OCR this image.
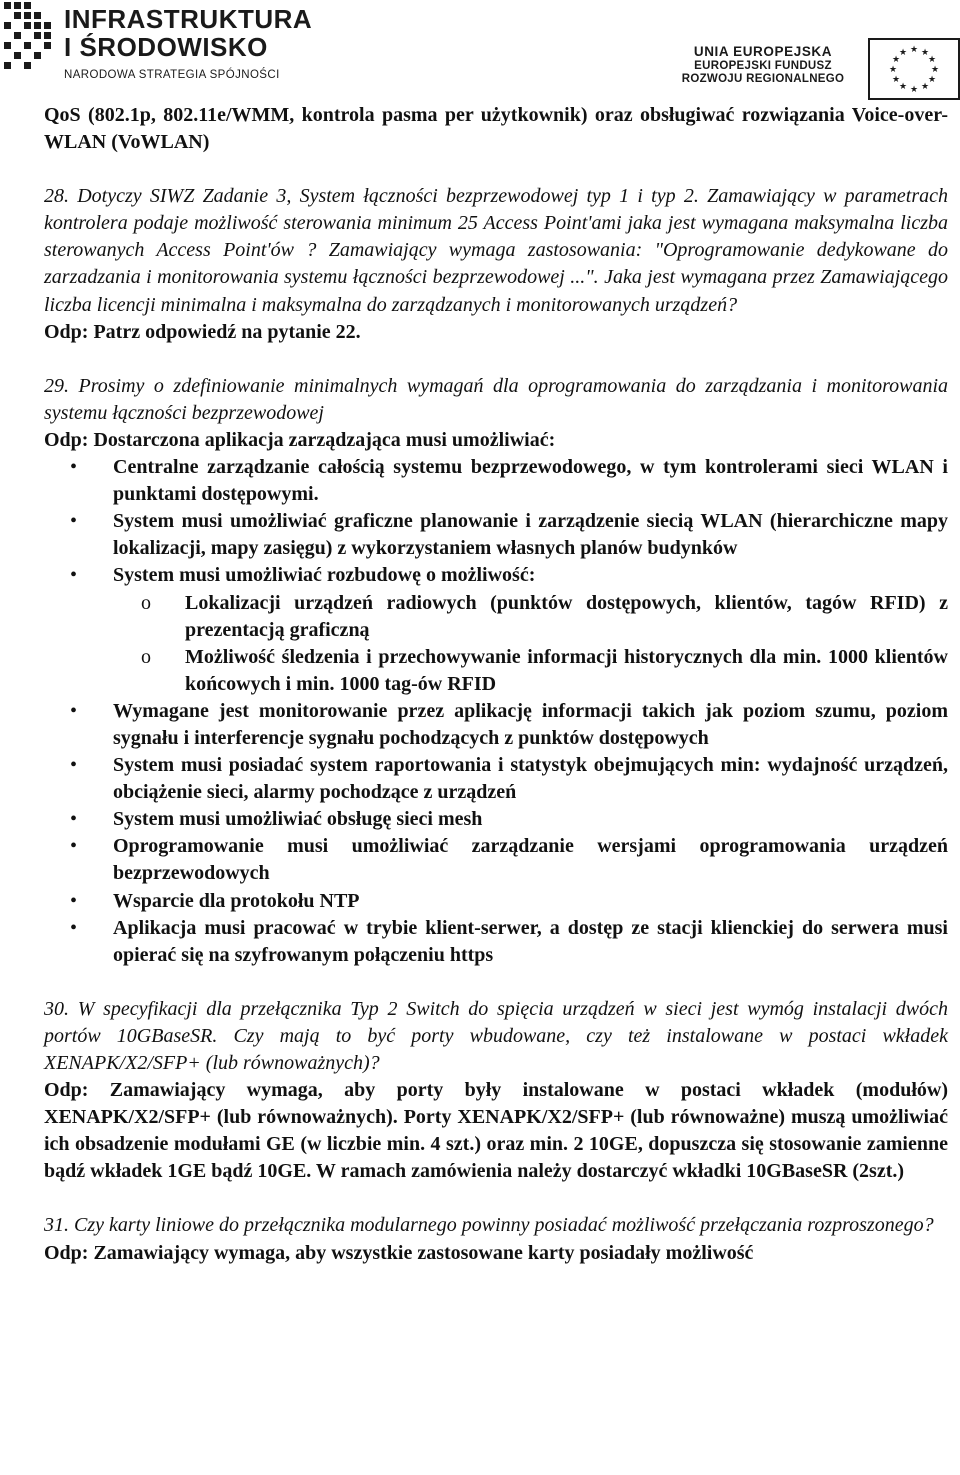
INFRASTRUKTURA
I ŚRODOWISKO
NARODOWA STRATEGIA SPÓJNOŚCI
UNIA EUROPEJSKA
EUROPEJSKI FUNDUSZ
ROZWOJU REGIONALNEGO
★ ★
★
★
★
★
★
★
★
★
★
★

QoS (802.1p, 802.11e/WMM, kontrola pasma per użytkownik) oraz obsługiwać rozwiązania Voice-over-WLAN (VoWLAN)

28. Dotyczy SIWZ Zadanie 3, System łączności bezprzewodowej typ 1 i typ 2. Zamawiający w parametrach kontrolera podaje możliwość sterowania minimum 25 Access Point'ami jaka jest wymagana maksymalna liczba sterowanych Access Point'ów ? Zamawiający wymaga zastosowania: "Oprogramowanie dedykowane do zarzadzania i monitorowania systemu łączności bezprzewodowej ...". Jaka jest wymagana przez Zamawiającego liczba licencji minimalna i maksymalna do zarządzanych i monitorowanych urządzeń?

Odp: Patrz odpowiedź na pytanie 22.

29. Prosimy o zdefiniowanie minimalnych wymagań dla oprogramowania do zarządzania i monitorowania systemu łączności bezprzewodowej

Odp: Dostarczona aplikacja zarządzająca musi umożliwiać:

• Centralne zarządzanie całością systemu bezprzewodowego, w tym kontrolerami sieci WLAN i punktami dostępowymi.
• System musi umożliwiać graficzne planowanie i zarządzenie siecią WLAN (hierarchiczne mapy lokalizacji, mapy zasięgu) z wykorzystaniem własnych planów budynków
• System musi umożliwiać rozbudowę o możliwość:
o Lokalizacji urządzeń radiowych (punktów dostępowych, klientów, tagów RFID) z prezentacją graficzną
o Możliwość śledzenia i przechowywanie informacji historycznych dla min. 1000 klientów końcowych i min. 1000 tag-ów RFID
• Wymagane jest monitorowanie przez aplikację informacji takich jak poziom szumu, poziom sygnału i interferencje sygnału pochodzących z punktów dostępowych
• System musi posiadać system raportowania i statystyk obejmujących min: wydajność urządzeń, obciążenie sieci, alarmy pochodzące z urządzeń
• System musi umożliwiać obsługę sieci mesh
• Oprogramowanie musi umożliwiać zarządzanie wersjami oprogramowania urządzeń bezprzewodowych
• Wsparcie dla protokołu NTP
• Aplikacja musi pracować w trybie klient-serwer, a dostęp ze stacji klienckiej do serwera musi opierać się na szyfrowanym połączeniu https

30. W specyfikacji dla przełącznika Typ 2 Switch do spięcia urządzeń w sieci jest wymóg instalacji dwóch portów 10GBaseSR. Czy mają to być porty wbudowane, czy też instalowane w postaci wkładek XENAPK/X2/SFP+ (lub równoważnych)?

Odp: Zamawiający wymaga, aby porty były instalowane w postaci wkładek (modułów) XENAPK/X2/SFP+ (lub równoważnych). Porty XENAPK/X2/SFP+ (lub równoważne) muszą umożliwiać ich obsadzenie modułami GE (w liczbie min. 4 szt.) oraz min. 2 10GE, dopuszcza się stosowanie zamienne bądź wkładek 1GE bądź 10GE. W ramach zamówienia należy dostarczyć wkładki 10GBaseSR (2szt.)

31. Czy karty liniowe do przełącznika modularnego powinny posiadać możliwość przełączania rozproszonego?

Odp: Zamawiający wymaga, aby wszystkie zastosowane karty posiadały możliwość
